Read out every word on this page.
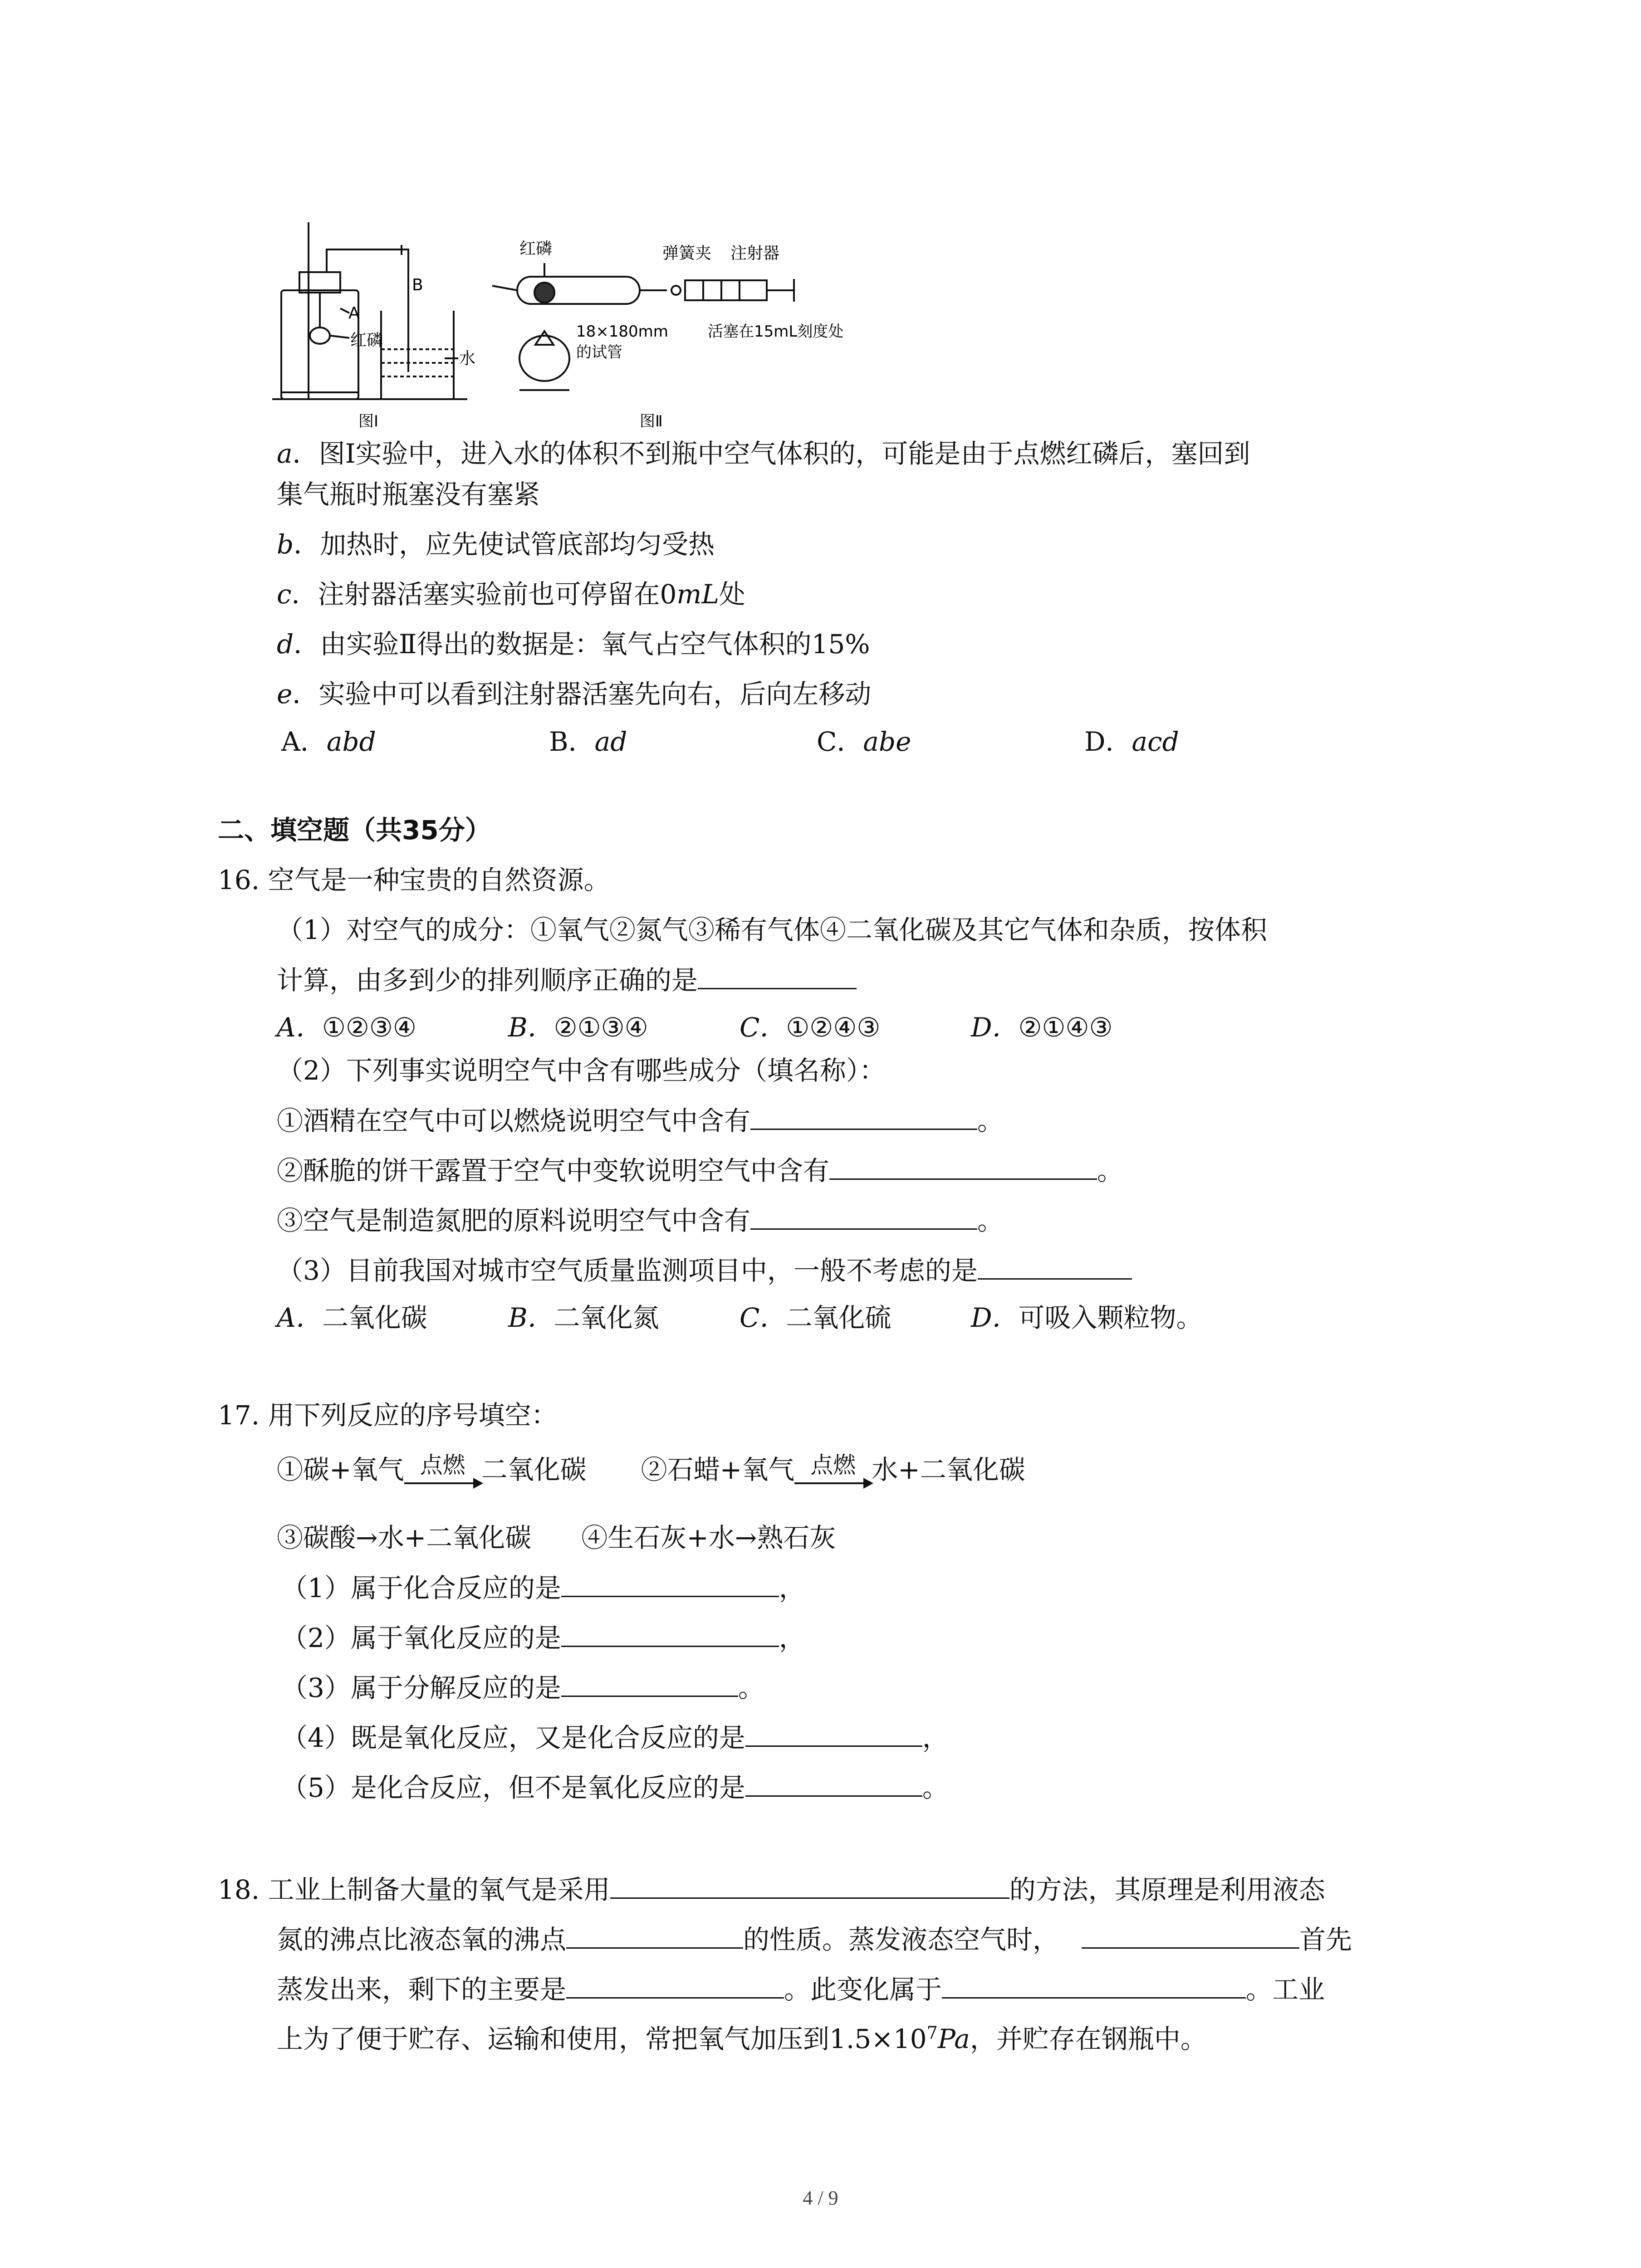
A
B
红磷
水
图Ⅰ
红磷	弹簧夹 注射器
18×180mm
的试管
活塞在15mL刻度处
图Ⅱ
a．图Ⅰ实验中，进入水的体积不到瓶中空气体积的，可能是由于点燃红磷后，塞回到
集气瓶时瓶塞没有塞紧
b．加热时，应先使试管底部均匀受热
c．注射器活塞实验前也可停留在0mL处
d．由实验Ⅱ得出的数据是：氧气占空气体积的15%
e．实验中可以看到注射器活塞先向右，后向左移动
A．abd	B．ad	C．abe	D．acd
二、填空题（共35分）
16. 空气是一种宝贵的自然资源。
（1）对空气的成分：①氧气②氮气③稀有气体④二氧化碳及其它气体和杂质，按体积
计算，由多到少的排列顺序正确的是
A．①②③④	B．②①③④	C．①②④③	D．②①④③
（2）下列事实说明空气中含有哪些成分（填名称）：
①酒精在空气中可以燃烧说明空气中含有	。
②酥脆的饼干露置于空气中变软说明空气中含有	。
③空气是制造氮肥的原料说明空气中含有	。
（3）目前我国对城市空气质量监测项目中，一般不考虑的是
A．二氧化碳	B．二氧化氮	C．二氧化硫	D．可吸入颗粒物。
17. 用下列反应的序号填空：
①碳+氧气 点燃 二氧化碳 ②石蜡+氧气 点燃 水+二氧化碳
③碳酸→水+二氧化碳 ④生石灰+水→熟石灰
（1）属于化合反应的是	，
（2）属于氧化反应的是	，
（3）属于分解反应的是	。
（4）既是氧化反应，又是化合反应的是	，
（5）是化合反应，但不是氧化反应的是	。
18. 工业上制备大量的氧气是采用	的方法，其原理是利用液态
氮的沸点比液态氧的沸点	的性质。蒸发液态空气时，	首先
蒸发出来，剩下的主要是	。此变化属于	。工业
上为了便于贮存、运输和使用，常把氧气加压到$1.5\times 10^7Pa$，并贮存在钢瓶中。
4 / 9
